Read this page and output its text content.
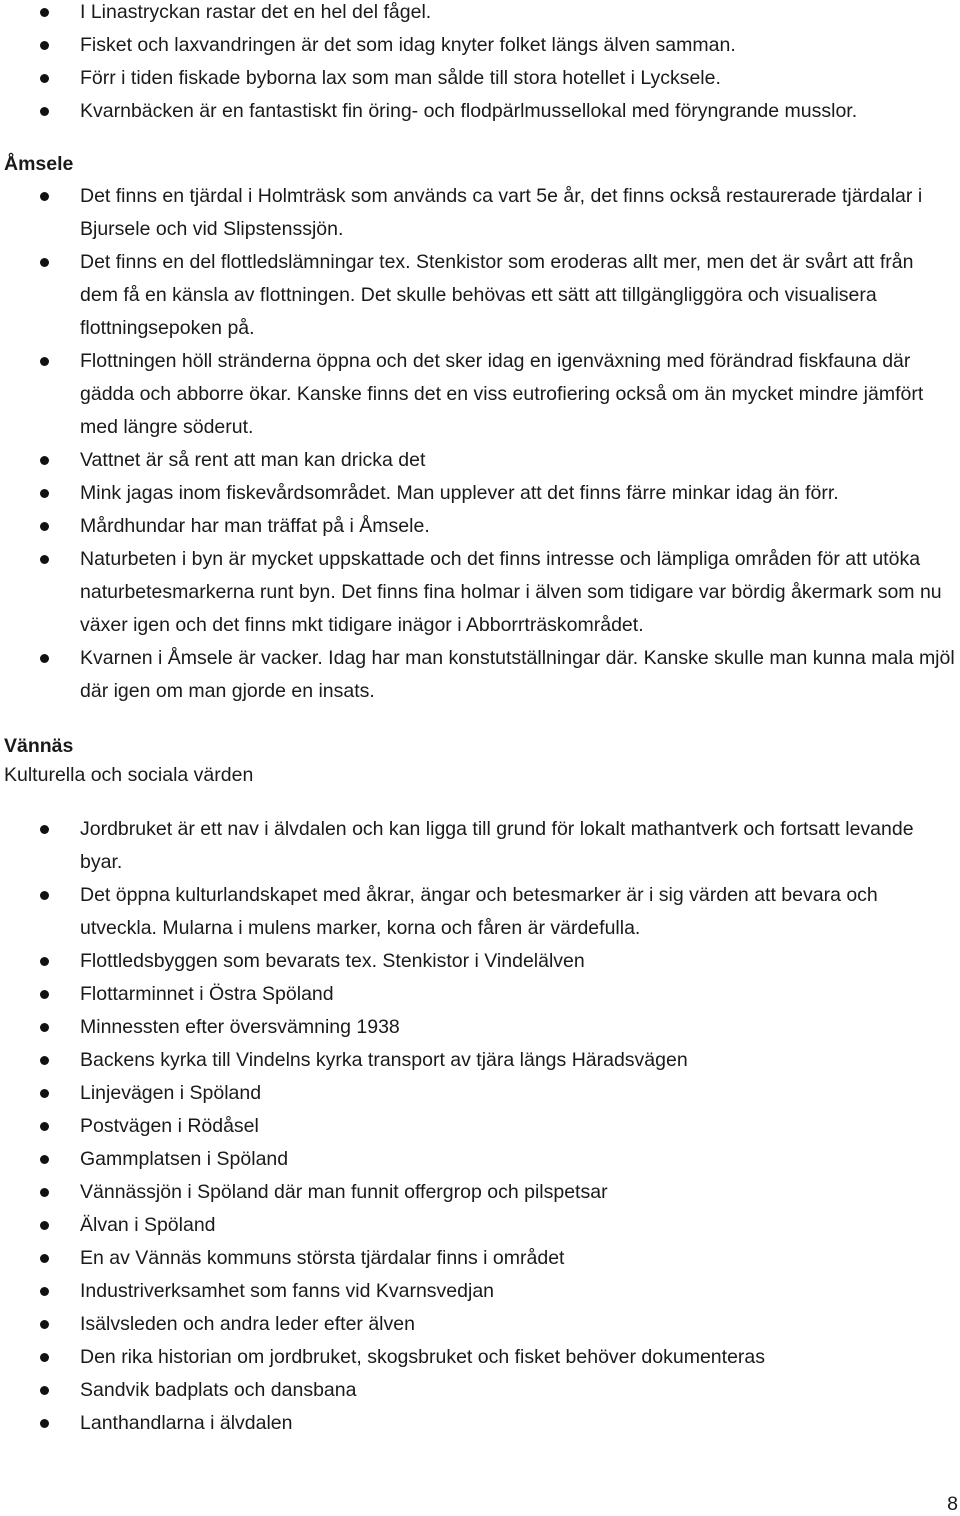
I Linastryckan rastar det en hel del fågel.
Fisket och laxvandringen är det som idag knyter folket längs älven samman.
Förr i tiden fiskade byborna lax som man sålde till stora hotellet i Lycksele.
Kvarnbäcken är en fantastiskt fin öring- och flodpärlmussellokal med föryngrande musslor.
Åmsele
Det finns en tjärdal i Holmträsk som används ca vart 5e år, det finns också restaurerade tjärdalar i Bjursele och vid Slipstenssjön.
Det finns en del flottledslämningar tex. Stenkistor som eroderas allt mer, men det är svårt att från dem få en känsla av flottningen. Det skulle behövas ett sätt att tillgängliggöra och visualisera flottningsepoken på.
Flottningen höll stränderna öppna och det sker idag en igenväxning med förändrad fiskfauna där gädda och abborre ökar. Kanske finns det en viss eutrofiering också om än mycket mindre jämfört med längre söderut.
Vattnet är så rent att man kan dricka det
Mink jagas inom fiskevårdsområdet. Man upplever att det finns färre minkar idag än förr.
Mårdhundar har man träffat på i Åmsele.
Naturbeten i byn är mycket uppskattade och det finns intresse och lämpliga områden för att utöka naturbetesmarkerna runt byn. Det finns fina holmar i älven som tidigare var bördig åkermark som nu växer igen och det finns mkt tidigare inägor i Abborrträskområdet.
Kvarnen i Åmsele är vacker. Idag har man konstutställningar där. Kanske skulle man kunna mala mjöl där igen om man gjorde en insats.
Vännäs
Kulturella och sociala värden
Jordbruket är ett nav i älvdalen och kan ligga till grund för lokalt mathantverk och fortsatt levande byar.
Det öppna kulturlandskapet med åkrar, ängar och betesmarker är i sig värden att bevara och utveckla. Mularna i mulens marker, korna och fåren är värdefulla.
Flottledsbyggen som bevarats tex. Stenkistor i Vindelälven
Flottarminnet i Östra Spöland
Minnessten efter översvämning 1938
Backens kyrka till Vindelns kyrka transport av tjära längs Häradsvägen
Linjevägen i Spöland
Postvägen i Rödåsel
Gammplatsen i Spöland
Vännässjön i Spöland där man funnit offergrop och pilspetsar
Älvan i Spöland
En av Vännäs kommuns största tjärdalar finns i området
Industriverksamhet som fanns vid Kvarnsvedjan
Isälvsleden och andra leder efter älven
Den rika historian om jordbruket, skogsbruket och fisket behöver dokumenteras
Sandvik badplats och dansbana
Lanthandlarna i älvdalen
8
